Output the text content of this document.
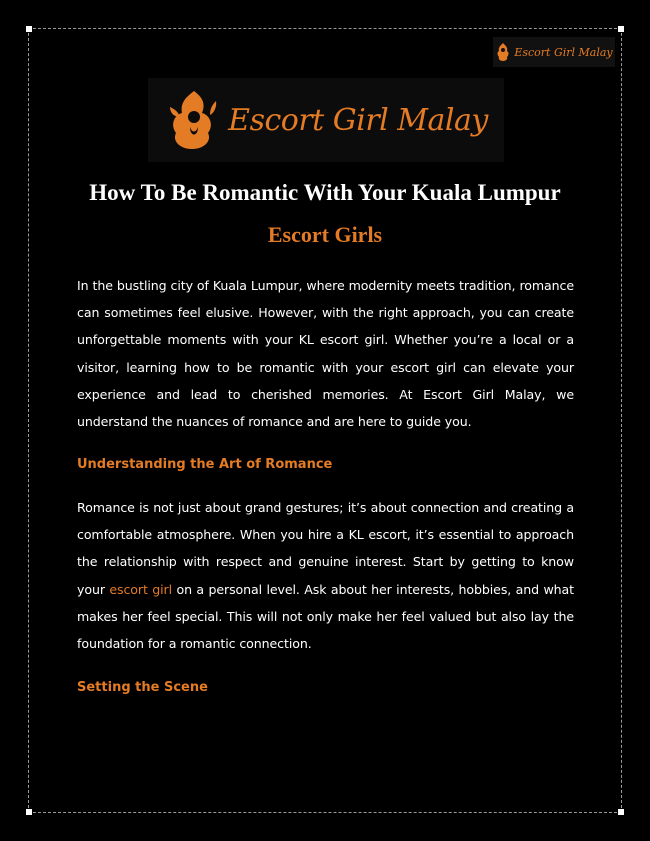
Escort Girl Malay
Escort Girl Malay
How To Be Romantic With Your Kuala Lumpur
Escort Girls

In the bustling city of Kuala Lumpur, where modernity meets tradition, romance can sometimes feel elusive. However, with the right approach, you can create unforgettable moments with your KL escort girl. Whether you’re a local or a visitor, learning how to be romantic with your escort girl can elevate your experience and lead to cherished memories. At Escort Girl Malay, we understand the nuances of romance and are here to guide you.

Understanding the Art of Romance

Romance is not just about grand gestures; it’s about connection and creating a comfortable atmosphere. When you hire a KL escort, it’s essential to approach the relationship with respect and genuine interest. Start by getting to know your escort girl on a personal level. Ask about her interests, hobbies, and what makes her feel special. This will not only make her feel valued but also lay the foundation for a romantic connection.

Setting the Scene
